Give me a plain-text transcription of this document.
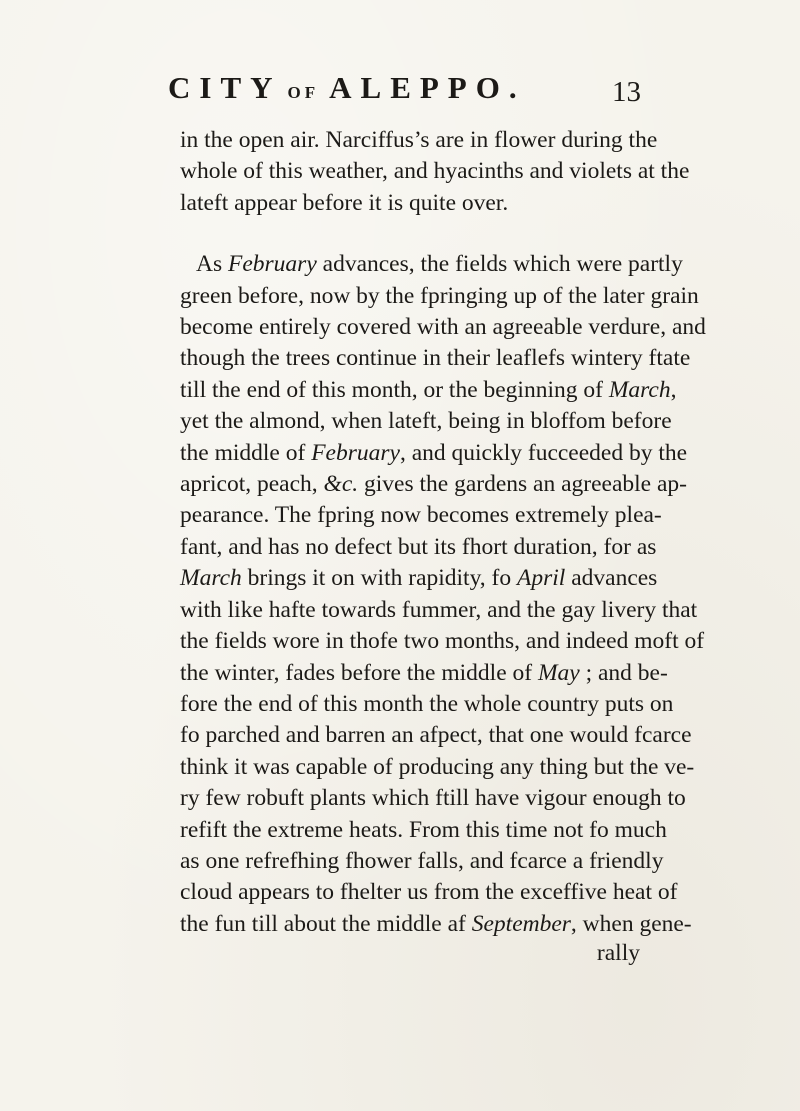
CITY OF ALEPPO.	13
in the open air. Narciffus’s are in flower during the
whole of this weather, and hyacinths and violets at the
lateft appear before it is quite over.
As February advances, the fields which were partly
green before, now by the fpringing up of the later grain
become entirely covered with an agreeable verdure, and
though the trees continue in their leaflefs wintery ftate
till the end of this month, or the beginning of March,
yet the almond, when lateft, being in bloffom before
the middle of February, and quickly fucceeded by the
apricot, peach, &c. gives the gardens an agreeable ap-
pearance. The fpring now becomes extremely plea-
fant, and has no defect but its fhort duration, for as
March brings it on with rapidity, fo April advances
with like hafte towards fummer, and the gay livery that
the fields wore in thofe two months, and indeed moft of
the winter, fades before the middle of May ; and be-
fore the end of this month the whole country puts on
fo parched and barren an afpect, that one would fcarce
think it was capable of producing any thing but the ve-
ry few robuft plants which ftill have vigour enough to
refift the extreme heats. From this time not fo much
as one refrefhing fhower falls, and fcarce a friendly
cloud appears to fhelter us from the exceffive heat of
the fun till about the middle af September, when gene-
rally
